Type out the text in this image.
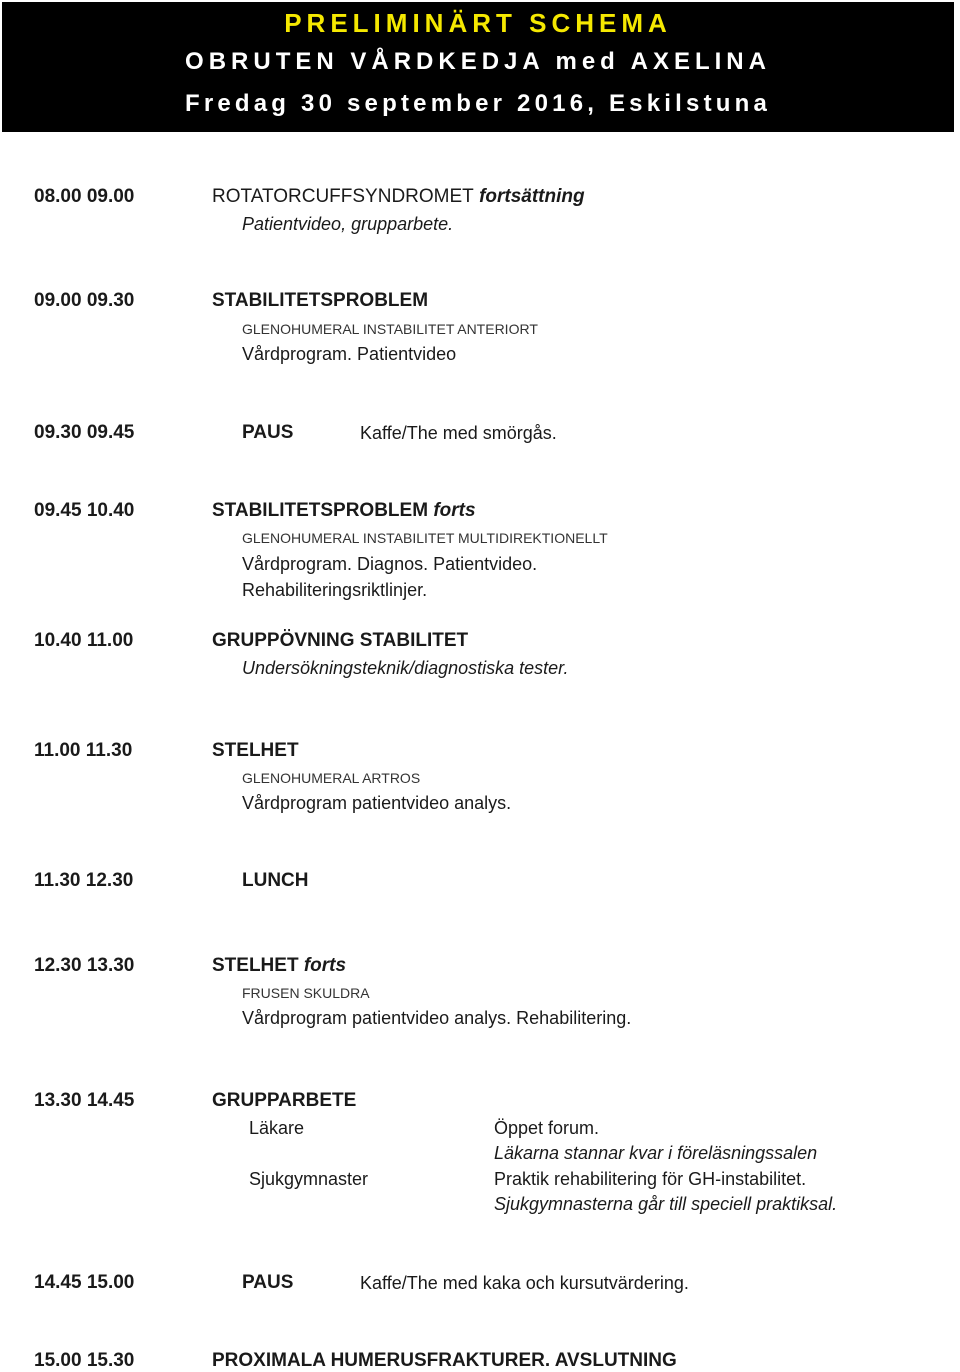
PRELIMINÄRT SCHEMA
OBRUTEN VÅRDKEDJA med AXELINA
Fredag 30 september 2016, Eskilstuna
08.00 09.00	ROTATORCUFFSYNDROMET fortsättning
Patientvideo, grupparbete.
09.00 09.30	STABILITETSPROBLEM
GLENOHUMERAL INSTABILITET ANTERIORT
Vårdprogram. Patientvideo
09.30 09.45	PAUS	Kaffe/The med smörgås.
09.45 10.40	STABILITETSPROBLEM forts
GLENOHUMERAL INSTABILITET MULTIDIREKTIONELLT
Vårdprogram. Diagnos. Patientvideo.
Rehabiliteringsriktlinjer.
10.40 11.00	GRUPPÖVNING STABILITET
Undersökningsteknik/diagnostiska tester.
11.00 11.30	STELHET
GLENOHUMERAL ARTROS
Vårdprogram patientvideo analys.
11.30 12.30	LUNCH
12.30 13.30	STELHET forts
FRUSEN SKULDRA
Vårdprogram patientvideo analys. Rehabilitering.
13.30 14.45	GRUPPARBETE
Läkare	Öppet forum.
Läkarna stannar kvar i föreläsningssalen
Sjukgymnaster	Praktik rehabilitering för GH-instabilitet.
Sjukgymnasterna går till speciell praktiksal.
14.45 15.00	PAUS	Kaffe/The med kaka och kursutvärdering.
15.00 15.30	PROXIMALA HUMERUSFRAKTURER. AVSLUTNING
